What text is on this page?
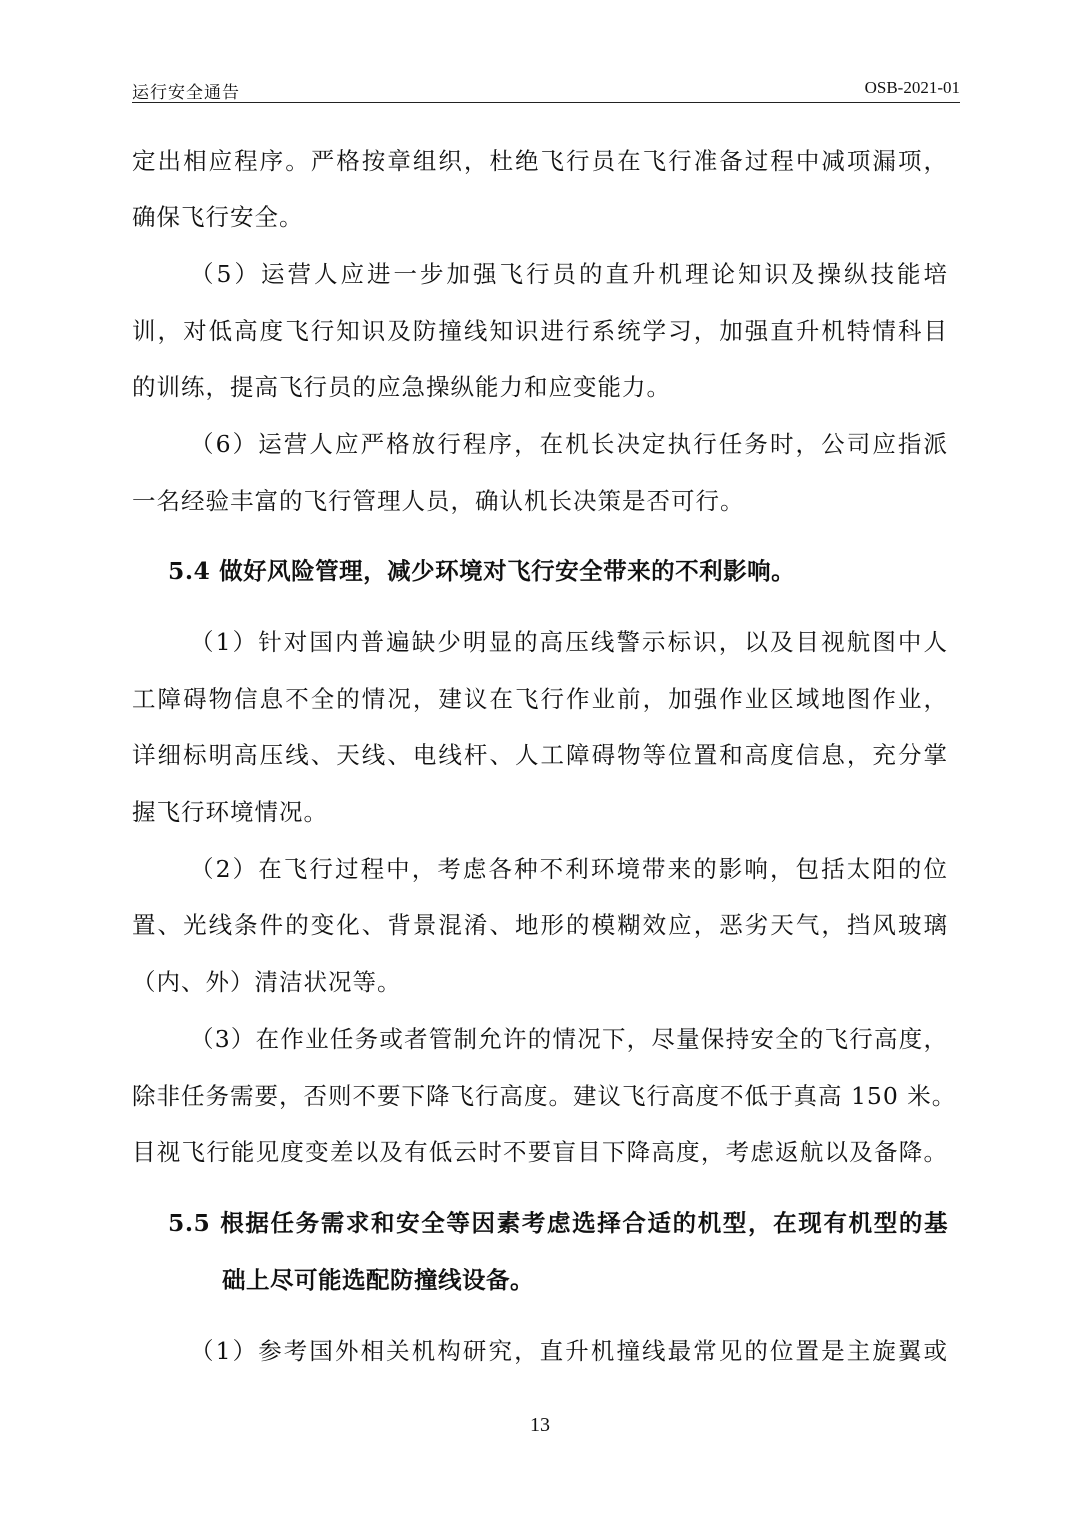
运行安全通告	OSB-2021-01
定出相应程序。严格按章组织，杜绝飞行员在飞行准备过程中减项漏项，
确保飞行安全。
（5）运营人应进一步加强飞行员的直升机理论知识及操纵技能培
训，对低高度飞行知识及防撞线知识进行系统学习，加强直升机特情科目
的训练，提高飞行员的应急操纵能力和应变能力。
（6）运营人应严格放行程序，在机长决定执行任务时，公司应指派
一名经验丰富的飞行管理人员，确认机长决策是否可行。
5.4 做好风险管理，减少环境对飞行安全带来的不利影响。
（1）针对国内普遍缺少明显的高压线警示标识，以及目视航图中人
工障碍物信息不全的情况，建议在飞行作业前，加强作业区域地图作业，
详细标明高压线、天线、电线杆、人工障碍物等位置和高度信息，充分掌
握飞行环境情况。
（2）在飞行过程中，考虑各种不利环境带来的影响，包括太阳的位
置、光线条件的变化、背景混淆、地形的模糊效应，恶劣天气，挡风玻璃
（内、外）清洁状况等。
（3）在作业任务或者管制允许的情况下，尽量保持安全的飞行高度，
除非任务需要，否则不要下降飞行高度。建议飞行高度不低于真高 150 米。
目视飞行能见度变差以及有低云时不要盲目下降高度，考虑返航以及备降。
5.5 根据任务需求和安全等因素考虑选择合适的机型，在现有机型的基
础上尽可能选配防撞线设备。
（1）参考国外相关机构研究，直升机撞线最常见的位置是主旋翼或
13
